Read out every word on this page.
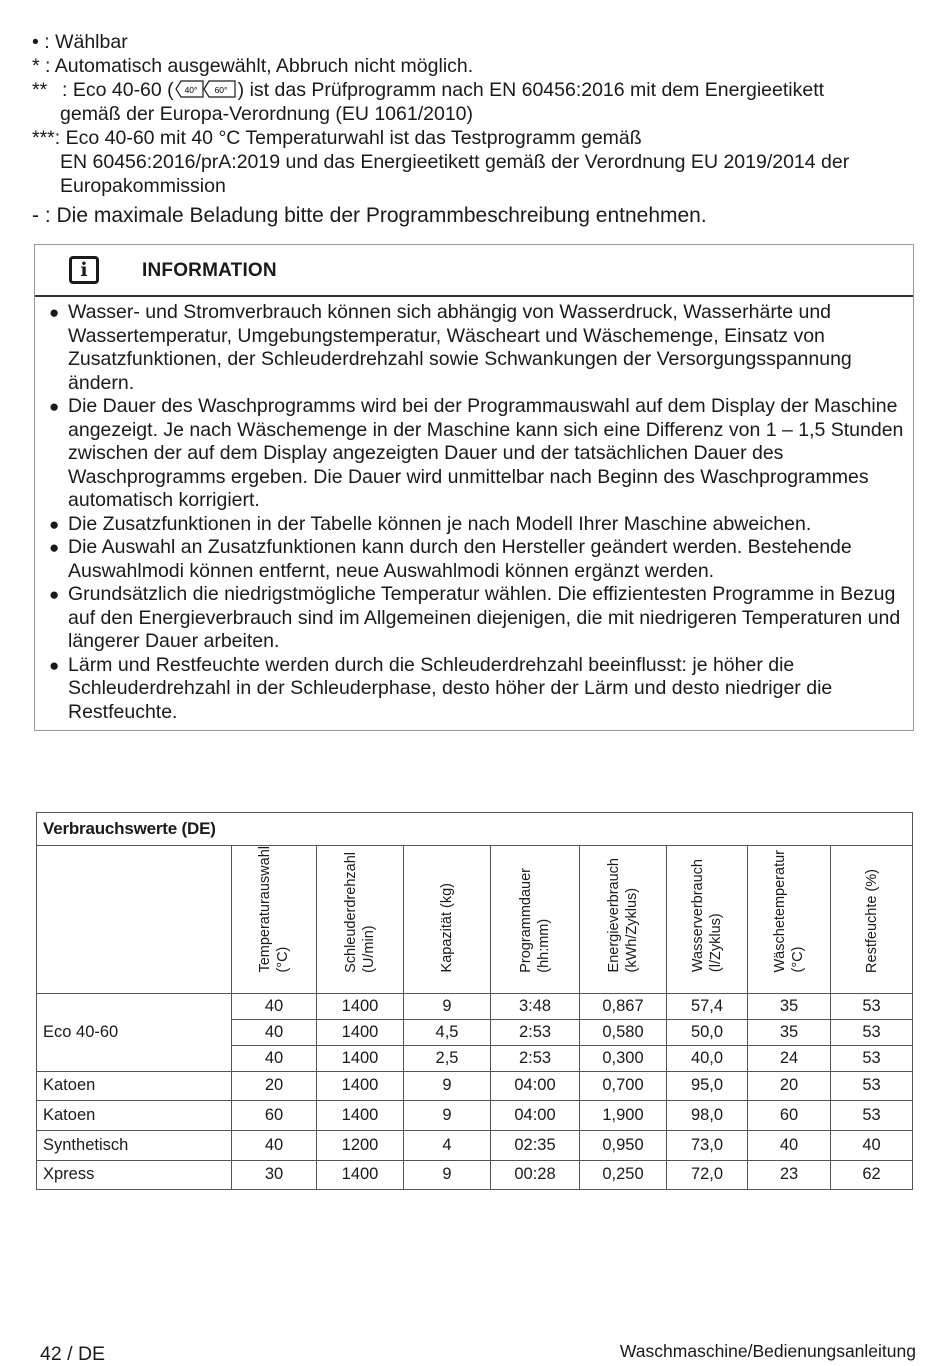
• : Wählbar
* : Automatisch ausgewählt, Abbruch nicht möglich.
** : Eco 40-60 ( 40° 60° ) ist das Prüfprogramm nach EN 60456:2016 mit dem Energieetikett
gemäß der Europa-Verordnung (EU 1061/2010)
*** : Eco 40-60 mit 40 °C Temperaturwahl ist das Testprogramm gemäß
EN 60456:2016/prA:2019 und das Energieetikett gemäß der Verordnung EU 2019/2014 der
Europakommission
- : Die maximale Beladung bitte der Programmbeschreibung entnehmen.
i	INFORMATION
● Wasser- und Stromverbrauch können sich abhängig von Wasserdruck, Wasserhärte und Wassertemperatur, Umgebungstemperatur, Wäscheart und Wäschemenge, Einsatz von Zusatzfunktionen, der Schleuderdrehzahl sowie Schwankungen der Versorgungsspannung ändern.
● Die Dauer des Waschprogramms wird bei der Programmauswahl auf dem Display der Maschine angezeigt. Je nach Wäschemenge in der Maschine kann sich eine Differenz von 1 – 1,5 Stunden zwischen der auf dem Display angezeigten Dauer und der tatsächlichen Dauer des Waschprogramms ergeben. Die Dauer wird unmittelbar nach Beginn des Waschprogrammes automatisch korrigiert.
● Die Zusatzfunktionen in der Tabelle können je nach Modell Ihrer Maschine abweichen.
● Die Auswahl an Zusatzfunktionen kann durch den Hersteller geändert werden. Bestehende Auswahlmodi können entfernt, neue Auswahlmodi können ergänzt werden.
● Grundsätzlich die niedrigstmögliche Temperatur wählen. Die effizientesten Programme in Bezug auf den Energieverbrauch sind im Allgemeinen diejenigen, die mit niedrigeren Temperaturen und längerer Dauer arbeiten.
● Lärm und Restfeuchte werden durch die Schleuderdrehzahl beeinflusst: je höher die Schleuderdrehzahl in der Schleuderphase, desto höher der Lärm und desto niedriger die Restfeuchte.
Verbrauchswerte (DE)								
	Temperaturauswahl (°C)	Schleuderdrehzahl (U/min)	Kapazität (kg)	Programmdauer (hh:mm)	Energieverbrauch (kWh/Zyklus)	Wasserverbrauch (l/Zyklus)	Wäschetemperatur (°C)	Restfeuchte (%)
Eco 40-60	40	1400	9	3:48	0,867	57,4	35	53
	40	1400	4,5	2:53	0,580	50,0	35	53
	40	1400	2,5	2:53	0,300	40,0	24	53
Katoen	20	1400	9	04:00	0,700	95,0	20	53
Katoen	60	1400	9	04:00	1,900	98,0	60	53
Synthetisch	40	1200	4	02:35	0,950	73,0	40	40
Xpress	30	1400	9	00:28	0,250	72,0	23	62
42 / DE	Waschmaschine/Bedienungsanleitung
